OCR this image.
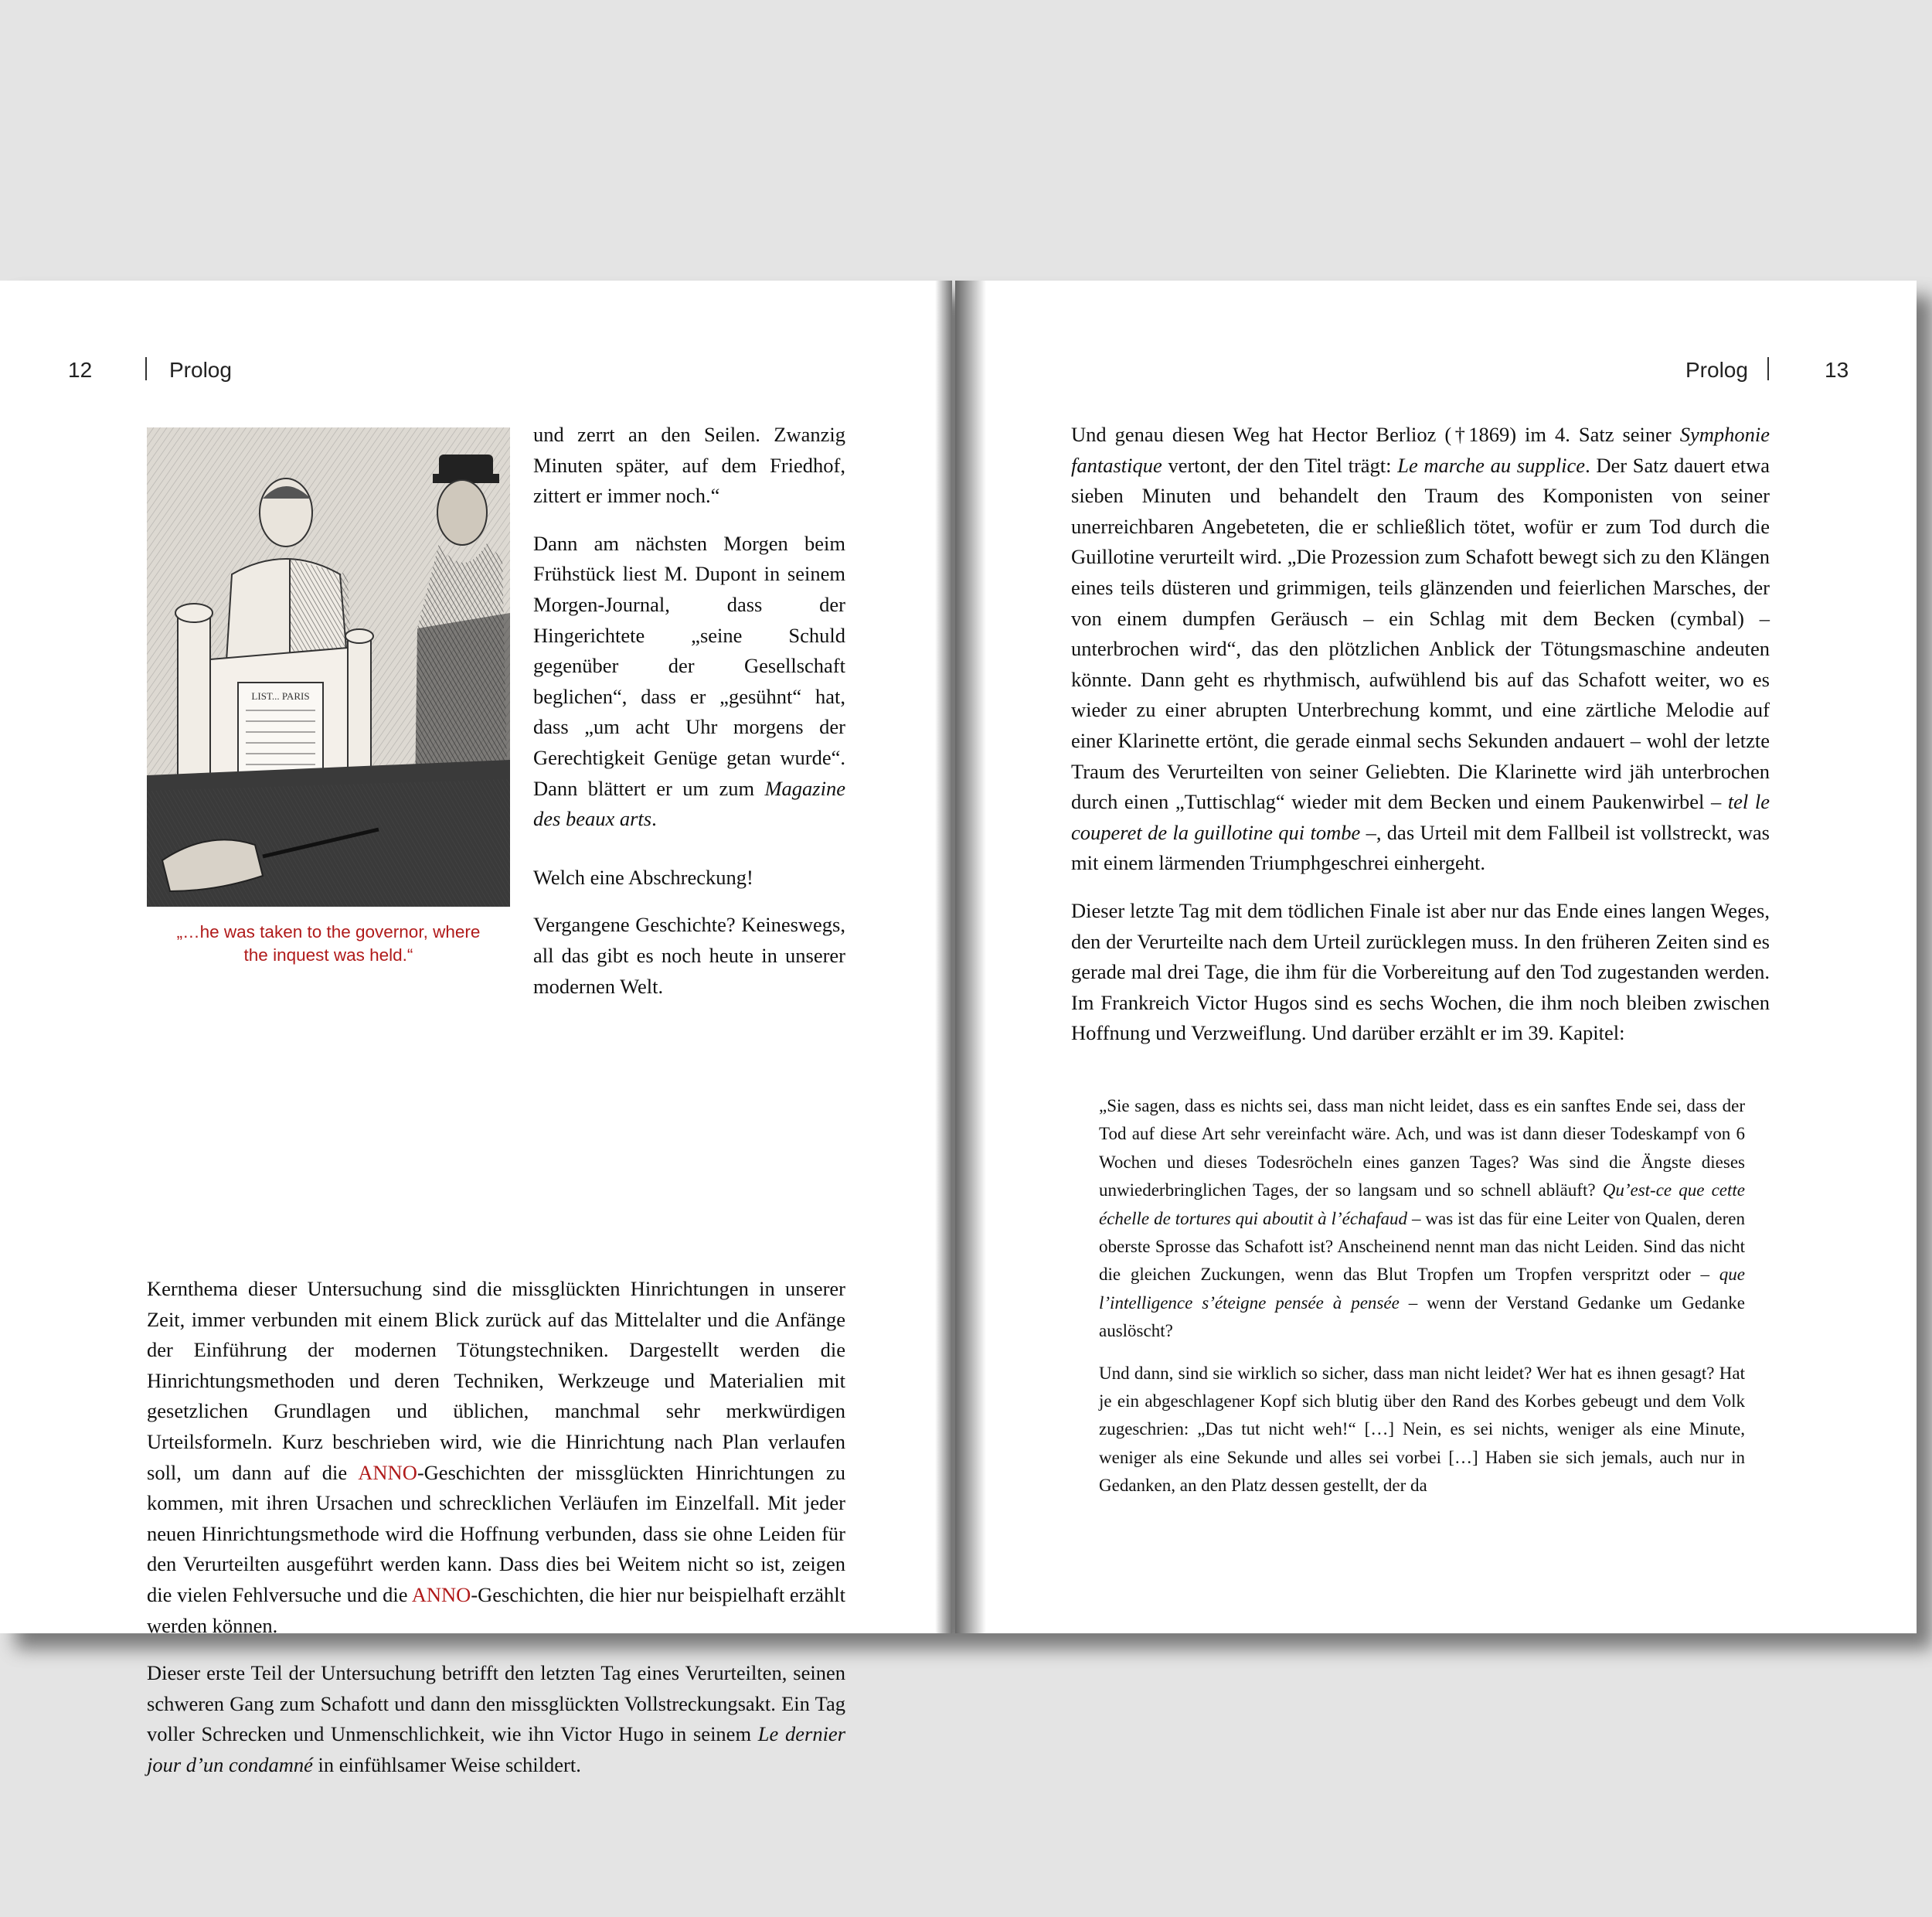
12	Prolog
LIST... PARIS
„…he was taken to the governor, where
the inquest was held.“

und zerrt an den Seilen. Zwanzig Minuten später, auf dem Friedhof, zittert er immer noch.“

Dann am nächsten Morgen beim Frühstück liest M. Dupont in seinem Morgen-Journal, dass der Hingerichtete „seine Schuld gegenüber der Gesellschaft beglichen“, dass er „gesühnt“ hat, dass „um acht Uhr morgens der Gerechtigkeit Genüge getan wurde“. Dann blättert er um zum Magazine des beaux arts.

Welch eine Abschreckung!

Vergangene Geschichte? Keineswegs, all das gibt es noch heute in unserer modernen Welt.

Kernthema dieser Untersuchung sind die missglückten Hinrichtungen in unserer Zeit, immer verbunden mit einem Blick zurück auf das Mittelalter und die Anfänge der Einführung der modernen Tötungstechniken. Dargestellt werden die Hinrichtungsmethoden und deren Techniken, Werkzeuge und Materialien mit gesetzlichen Grundlagen und üblichen, manchmal sehr merkwürdigen Urteilsformeln. Kurz beschrieben wird, wie die Hinrichtung nach Plan verlaufen soll, um dann auf die ANNO-Geschichten der missglückten Hinrichtungen zu kommen, mit ihren Ursachen und schrecklichen Verläufen im Einzelfall. Mit jeder neuen Hinrichtungsmethode wird die Hoffnung verbunden, dass sie ohne Leiden für den Verurteilten ausgeführt werden kann. Dass dies bei Weitem nicht so ist, zeigen die vielen Fehlversuche und die ANNO-Geschichten, die hier nur beispielhaft erzählt werden können.

Dieser erste Teil der Untersuchung betrifft den letzten Tag eines Verurteilten, seinen schweren Gang zum Schafott und dann den missglückten Vollstreckungsakt. Ein Tag voller Schrecken und Unmenschlichkeit, wie ihn Victor Hugo in seinem Le dernier jour d’un condamné in einfühlsamer Weise schildert.

Prolog	13

Und genau diesen Weg hat Hector Berlioz (†1869) im 4. Satz seiner Symphonie fantastique vertont, der den Titel trägt: Le marche au supplice. Der Satz dauert etwa sieben Minuten und behandelt den Traum des Komponisten von seiner unerreichbaren Angebeteten, die er schließlich tötet, wofür er zum Tod durch die Guillotine verurteilt wird. „Die Prozession zum Schafott bewegt sich zu den Klängen eines teils düsteren und grimmigen, teils glänzenden und feierlichen Marsches, der von einem dumpfen Geräusch – ein Schlag mit dem Becken (cymbal) – unterbrochen wird“, das den plötzlichen Anblick der Tötungsmaschine andeuten könnte. Dann geht es rhythmisch, aufwühlend bis auf das Schafott weiter, wo es wieder zu einer abrupten Unterbrechung kommt, und eine zärtliche Melodie auf einer Klarinette ertönt, die gerade einmal sechs Sekunden andauert – wohl der letzte Traum des Verurteilten von seiner Geliebten. Die Klarinette wird jäh unterbrochen durch einen „Tuttischlag“ wieder mit dem Becken und einem Paukenwirbel – tel le couperet de la guillotine qui tombe –, das Urteil mit dem Fallbeil ist vollstreckt, was mit einem lärmenden Triumphgeschrei einhergeht.

Dieser letzte Tag mit dem tödlichen Finale ist aber nur das Ende eines langen Weges, den der Verurteilte nach dem Urteil zurücklegen muss. In den früheren Zeiten sind es gerade mal drei Tage, die ihm für die Vorbereitung auf den Tod zugestanden werden. Im Frankreich Victor Hugos sind es sechs Wochen, die ihm noch bleiben zwischen Hoffnung und Verzweiflung. Und darüber erzählt er im 39. Kapitel:

„Sie sagen, dass es nichts sei, dass man nicht leidet, dass es ein sanftes Ende sei, dass der Tod auf diese Art sehr vereinfacht wäre. Ach, und was ist dann dieser Todeskampf von 6 Wochen und dieses Todesröcheln eines ganzen Tages? Was sind die Ängste dieses unwiederbringlichen Tages, der so langsam und so schnell abläuft? Qu’est-ce que cette échelle de tortures qui aboutit à l’échafaud – was ist das für eine Leiter von Qualen, deren oberste Sprosse das Schafott ist? Anscheinend nennt man das nicht Leiden. Sind das nicht die gleichen Zuckungen, wenn das Blut Tropfen um Tropfen verspritzt oder – que l’intelligence s’éteigne pensée à pensée – wenn der Verstand Gedanke um Gedanke auslöscht?

Und dann, sind sie wirklich so sicher, dass man nicht leidet? Wer hat es ihnen gesagt? Hat je ein abgeschlagener Kopf sich blutig über den Rand des Korbes gebeugt und dem Volk zugeschrien: „Das tut nicht weh!“ […] Nein, es sei nichts, weniger als eine Minute, weniger als eine Sekunde und alles sei vorbei […] Haben sie sich jemals, auch nur in Gedanken, an den Platz dessen gestellt, der da
